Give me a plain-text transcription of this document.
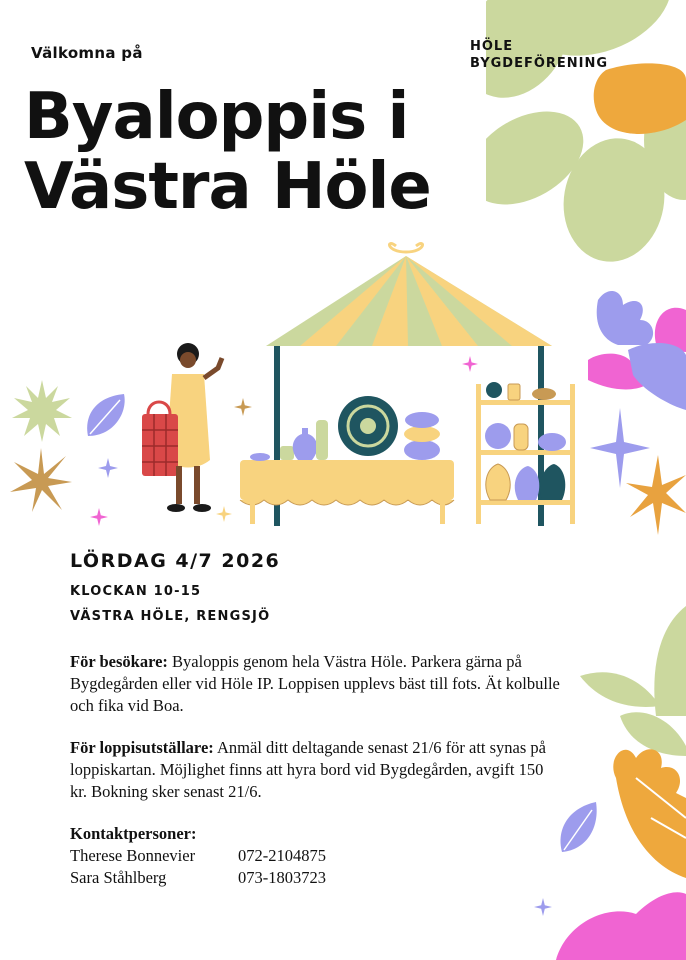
Välkomna på	HÖLE
BYGDEFÖRENING
Byaloppis i
Västra Höle
LÖRDAG 4/7 2026
KLOCKAN 10-15
VÄSTRA HÖLE, RENGSJÖ
För besökare: Byaloppis genom hela Västra Höle. Parkera gärna på Bygdegården eller vid Höle IP. Loppisen upplevs bäst till fots. Ät kolbulle och fika vid Boa.
För loppisutställare: Anmäl ditt deltagande senast 21/6 för att synas på loppiskartan. Möjlighet finns att hyra bord vid Bygdegården, avgift 150 kr. Bokning sker senast 21/6.
Kontaktpersoner:
Therese Bonnevier	072-2104875
Sara Ståhlberg	073-1803723
